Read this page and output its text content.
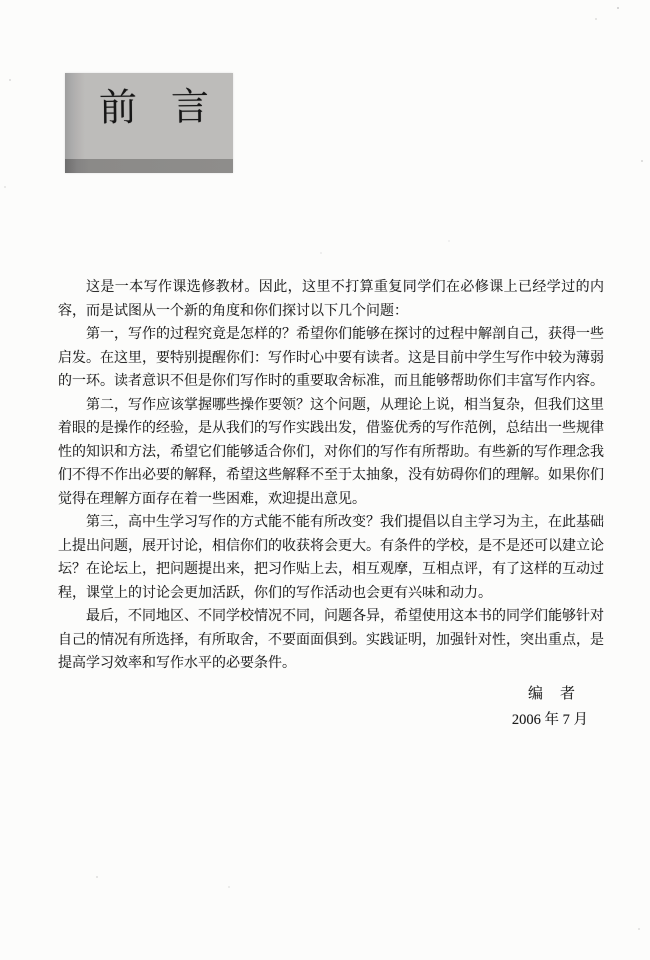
前 言

这是一本写作课选修教材。因此，这里不打算重复同学们在必修课上已经学过的内容，而是试图从一个新的角度和你们探讨以下几个问题：

第一，写作的过程究竟是怎样的？希望你们能够在探讨的过程中解剖自己，获得一些启发。在这里，要特别提醒你们：写作时心中要有读者。这是目前中学生写作中较为薄弱的一环。读者意识不但是你们写作时的重要取舍标准，而且能够帮助你们丰富写作内容。

第二，写作应该掌握哪些操作要领？这个问题，从理论上说，相当复杂，但我们这里着眼的是操作的经验，是从我们的写作实践出发，借鉴优秀的写作范例，总结出一些规律性的知识和方法，希望它们能够适合你们，对你们的写作有所帮助。有些新的写作理念我们不得不作出必要的解释，希望这些解释不至于太抽象，没有妨碍你们的理解。如果你们觉得在理解方面存在着一些困难，欢迎提出意见。

第三，高中生学习写作的方式能不能有所改变？我们提倡以自主学习为主，在此基础上提出问题，展开讨论，相信你们的收获将会更大。有条件的学校，是不是还可以建立论坛？在论坛上，把问题提出来，把习作贴上去，相互观摩，互相点评，有了这样的互动过程，课堂上的讨论会更加活跃，你们的写作活动也会更有兴味和动力。

最后，不同地区、不同学校情况不同，问题各异，希望使用这本书的同学们能够针对自己的情况有所选择，有所取舍，不要面面俱到。实践证明，加强针对性，突出重点，是提高学习效率和写作水平的必要条件。

编　者

2006 年 7 月
